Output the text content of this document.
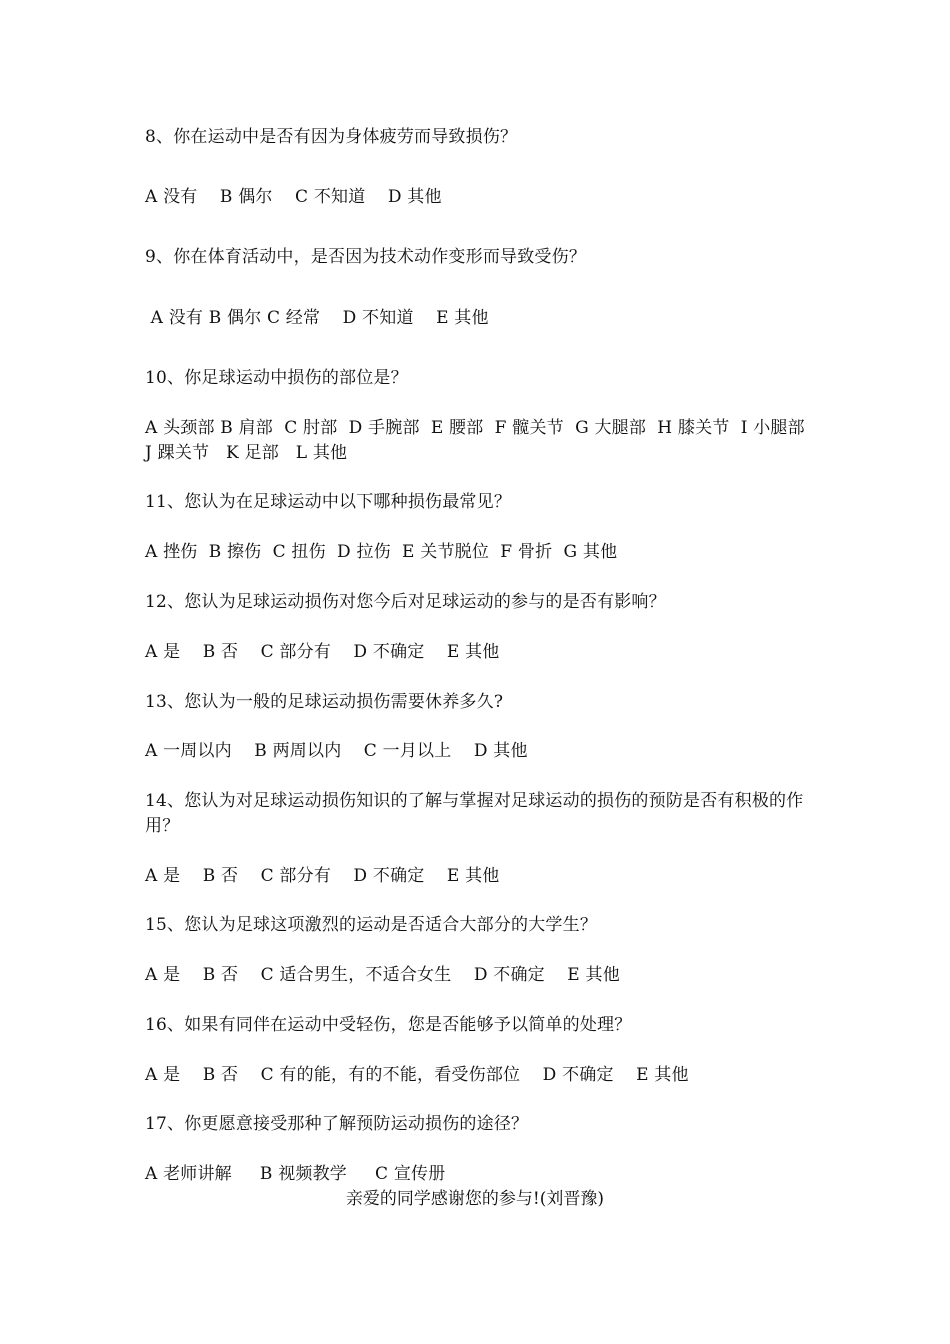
8、你在运动中是否有因为身体疲劳而导致损伤？
A 没有    B 偶尔    C 不知道    D 其他
9、你在体育活动中，是否因为技术动作变形而导致受伤？
A 没有 B 偶尔 C 经常    D 不知道    E 其他
10、你足球运动中损伤的部位是？
A 头颈部 B 肩部  C 肘部  D 手腕部  E 腰部  F 髋关节  G 大腿部  H 膝关节  I 小腿部  J 踝关节   K 足部   L 其他
11、您认为在足球运动中以下哪种损伤最常见？
A 挫伤  B 擦伤  C 扭伤  D 拉伤  E 关节脱位  F 骨折  G 其他
12、您认为足球运动损伤对您今后对足球运动的参与的是否有影响？
A 是    B 否    C 部分有    D 不确定    E 其他
13、您认为一般的足球运动损伤需要休养多久?
A 一周以内    B 两周以内    C 一月以上    D 其他
14、您认为对足球运动损伤知识的了解与掌握对足球运动的损伤的预防是否有积极的作用？
A 是    B 否    C 部分有    D 不确定    E 其他
15、您认为足球这项激烈的运动是否适合大部分的大学生？
A 是    B 否    C 适合男生，不适合女生    D 不确定    E 其他
16、如果有同伴在运动中受轻伤，您是否能够予以简单的处理？
A 是    B 否    C 有的能，有的不能，看受伤部位    D 不确定    E 其他
17、你更愿意接受那种了解预防运动损伤的途径？
A 老师讲解     B 视频教学     C 宣传册
亲爱的同学感谢您的参与!(刘晋豫)
